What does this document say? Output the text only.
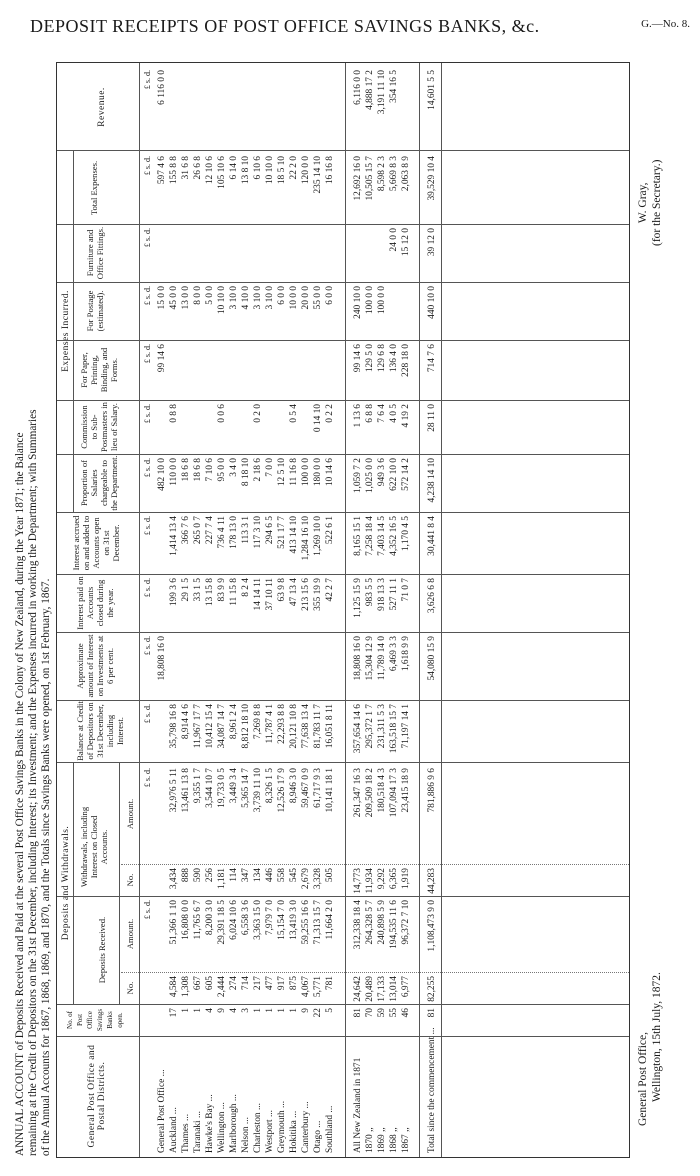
DEPOSIT RECEIPTS OF POST OFFICE SAVINGS BANKS, &c.	G.—No. 8.
ANNUAL ACCOUNT of Deposits Received and Paid at the several Post Office Savings Banks in the Colony of New Zealand, during the Year 1871; the Balance remaining at the Credit of Depositors on the 31st December, including Interest; its Investment; and the Expenses incurred in working the Department; with Summaries of the Annual Accounts for 1867, 1868, 1869, and 1870, and the Totals since Savings Banks were opened, on 1st February, 1867.	General Post Office and Postal Districts.
No. of Post Office Savings Banks open.
Deposits and Withdrawals.
Deposits Received.
Withdrawals, including Interest on Closed Accounts.
Balance at Credit of Depositors on 31st December, including Interest.
Approximate amount of Interest on Investments at 6 per cent.
Interest paid on Accounts closed during the year.
Interest accrued on and added to Accounts open on 31st December.
Expenses Incurred.
Proportion of Salaries chargeable to the Department.
Commission to Sub-Postmasters in lieu of Salary.
For Paper, Printing, Binding, and Forms.
For Postage (estimated).
Furniture and Office Fittings.
Total Expenses.
Revenue.
No.
Amount.
No.
Amount.
£ s. d.
£ s. d.
£ s. d.
£ s. d.
£ s. d.
£ s. d.
£ s. d.
£ s. d.
£ s. d.
£ s. d.
£ s. d.
£ s. d.
£ s. d.
General Post Office ...
18,808 16 0
482 10 0
99 14 6
15 0 0
597 4 6
6 116 0 0
Auckland ...
17
4,584
51,366 1 10
3,434
32,976 5 11
35,798 16 8
199 3 6
1,414 13 4
110 0 0
0 8 8
45 0 0
155 8 8
Thames ...
1
1,308
16,808 0 0
888
13,461 13 8
8,914 4 6
29 1 5
366 7 6
18 6 8
13 0 0
31 6 8
Taranaki ...
1
667
11,765 6 7
590
9,355 1 7
11,967 17 7
33 1 5
265 0 7
18 6 8
8 0 0
26 6 8
Hawke's Bay ...
4
605
8,200 3 0
256
3,544 10 7
10,412 15 4
13 15 8
227 7 4
7 10 6
5 0 0
12 10 6
Wellington ...
9
2,444
29,391 18 5
1,181
19,733 0 5
34,087 14 7
83 9 9
736 4 11
95 0 0
0 0 6
10 10 0
105 10 6
Marlborough ...
4
274
6,024 10 6
114
3,449 3 4
8,961 2 4
11 15 8
178 13 0
3 4 0
3 10 0
6 14 0
Nelson ...
3
714
6,558 3 6
347
5,365 14 7
8,812 18 10
8 2 4
113 3 1
8 18 10
4 10 0
13 8 10
Charleston ...
1
217
3,363 15 0
134
3,739 11 10
7,269 8 8
14 14 11
117 3 10
2 18 6
0 2 0
3 10 0
6 10 6
Westport ...
1
477
7,979 7 0
446
8,326 1 5
11,787 4 1
37 10 11
294 6 5
7 0 0
3 10 0
10 10 0
Greymouth ...
1
917
15,154 7 0
558
12,526 17 9
22,293 8 8
63 9 8
521 17 7
12 5 10
6 0 0
18 5 10
Hokitika ...
1
875
13,419 3 0
545
8,946 3 0
20,121 10 8
47 13 4
413 14 10
11 16 8
0 5 4
10 0 0
22 2 0
Canterbury ...
9
4,067
59,255 16 6
2,679
59,467 0 9
77,638 13 4
213 15 6
1,284 16 10
100 0 0
20 0 0
120 0 0
Otago ...
22
5,771
71,313 15 7
3,328
61,717 9 3
81,783 11 7
355 19 9
1,269 10 0
180 0 0
0 14 10
55 0 0
235 14 10
Southland ...
5
781
11,664 2 0
505
10,141 18 1
16,051 8 11
42 2 7
522 6 1
10 14 6
0 2 2
6 0 0
16 16 8
All New Zealand in 1871
81
24,642
312,338 18 4
14,773
261,347 16 3
357,654 14 6
18,808 16 0
1,125 15 9
8,165 15 1
1,059 7 2
1 13 6
99 14 6
240 10 0
12,692 16 0
6,116 0 0
1870 ,,
70
20,489
264,328 5 7
11,934
209,509 18 2
295,372 1 7
15,304 12 9
983 5 5
7,258 18 4
1,025 0 0
6 8 8
129 5 0
100 0 0
10,505 15 7
4,888 17 2
1869 ,,
59
17,133
240,898 5 9
9,292
180,518 4 3
231,311 5 3
11,789 14 0
918 13 3
7,403 14 5
949 3 6
7 6 4
129 6 8
100 0 0
8,598 2 3
3,191 11 10
1868 ,,
55
13,014
194,535 11 6
6,365
107,094 17 3
163,518 15 7
6,469 3 3
527 11 1
4,352 16 5
622 10 0
4 0 5
136 4 0
24 0 0
5,669 8 3
354 16 5
1867 ,,
46
6,977
96,372 7 10
1,919
23,415 18 9
71,197 14 1
1,618 9 9
71 0 7
1,170 4 5
572 14 2
4 19 2
228 18 0
15 12 0
2,063 8 9
Total since the commencement ...
81
82,255
1,108,473 9 0
44,283
781,886 9 6
54,080 15 9
3,626 6 8
30,441 8 4
4,238 14 10
28 11 0
714 7 6
440 10 0
39 12 0
39,529 10 4
14,601 5 5
General Post Office, Wellington, 15th July, 1872.
W. Gray, (for the Secretary.)
